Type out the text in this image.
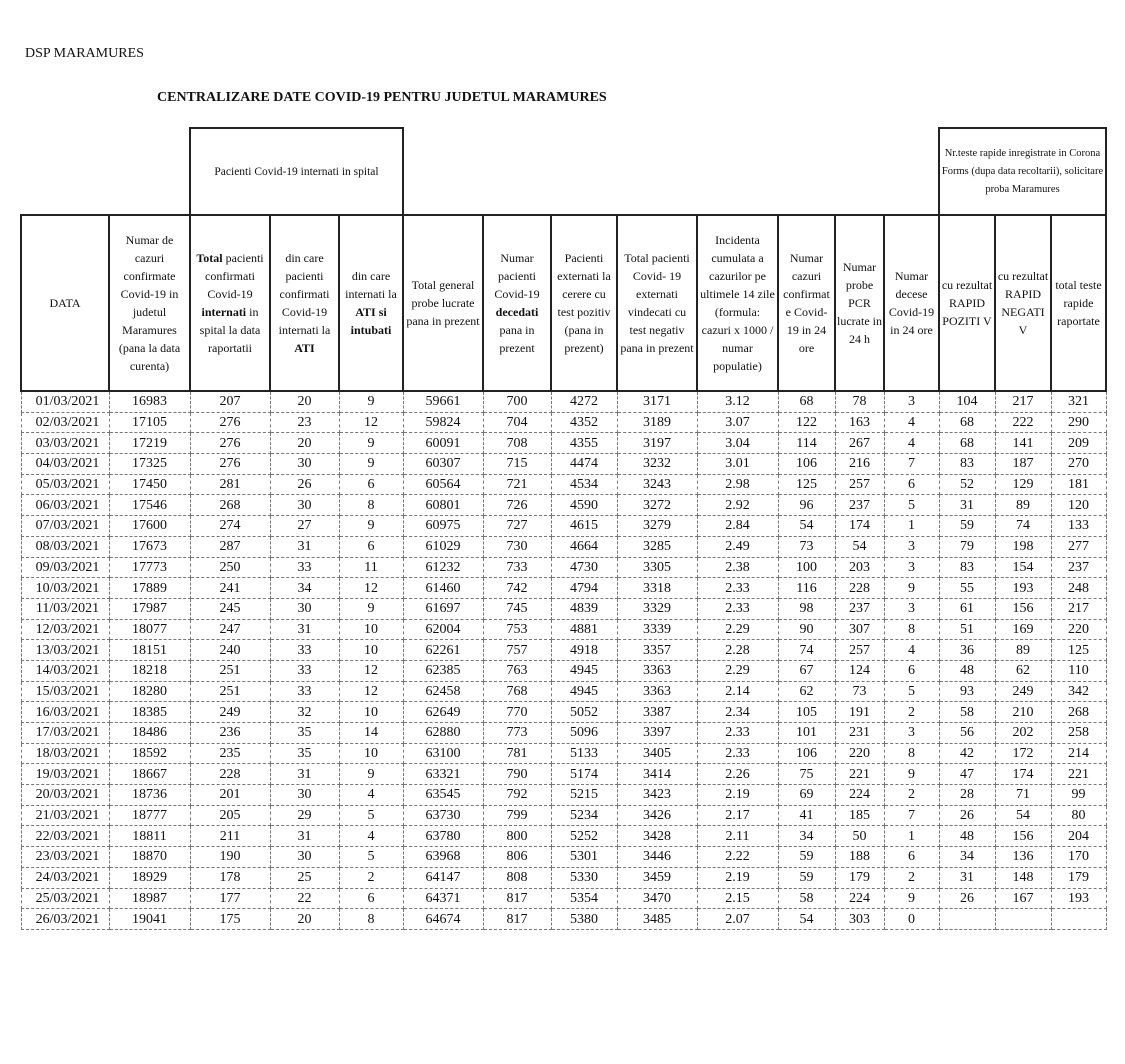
DSP MARAMURES
CENTRALIZARE DATE COVID-19 PENTRU JUDETUL MARAMURES
		Pacienti Covid-19 internati in spital											Nr.teste rapide inregistrate in Corona Forms (dupa data recoltarii), solicitare proba Maramures		
DATA	Numar de cazuri confirmate Covid-19 in judetul Maramures (pana la data curenta)	Total pacienti confirmati Covid-19 internati in spital la data raportatii	din care pacienti confirmati Covid-19 internati la ATI	din care internati la ATI si intubati	Total general probe lucrate pana in prezent	Numar pacienti Covid-19 decedati pana in prezent	Pacienti externati la cerere cu test pozitiv (pana in prezent)	Total pacienti Covid- 19 externati vindecati cu test negativ pana in prezent	Incidenta cumulata a cazurilor pe ultimele 14 zile (formula: cazuri x 1000 / numar populatie)	Numar cazuri confirmat e Covid-19 in 24 ore	Numar probe PCR lucrate in 24 h	Numar decese Covid-19 in 24 ore	cu rezultat RAPID POZITI V	cu rezultat RAPID NEGATI V	total teste rapide raportate
01/03/2021	16983	207	20	9	59661	700	4272	3171	3.12	68	78	3	104	217	321
02/03/2021	17105	276	23	12	59824	704	4352	3189	3.07	122	163	4	68	222	290
03/03/2021	17219	276	20	9	60091	708	4355	3197	3.04	114	267	4	68	141	209
04/03/2021	17325	276	30	9	60307	715	4474	3232	3.01	106	216	7	83	187	270
05/03/2021	17450	281	26	6	60564	721	4534	3243	2.98	125	257	6	52	129	181
06/03/2021	17546	268	30	8	60801	726	4590	3272	2.92	96	237	5	31	89	120
07/03/2021	17600	274	27	9	60975	727	4615	3279	2.84	54	174	1	59	74	133
08/03/2021	17673	287	31	6	61029	730	4664	3285	2.49	73	54	3	79	198	277
09/03/2021	17773	250	33	11	61232	733	4730	3305	2.38	100	203	3	83	154	237
10/03/2021	17889	241	34	12	61460	742	4794	3318	2.33	116	228	9	55	193	248
11/03/2021	17987	245	30	9	61697	745	4839	3329	2.33	98	237	3	61	156	217
12/03/2021	18077	247	31	10	62004	753	4881	3339	2.29	90	307	8	51	169	220
13/03/2021	18151	240	33	10	62261	757	4918	3357	2.28	74	257	4	36	89	125
14/03/2021	18218	251	33	12	62385	763	4945	3363	2.29	67	124	6	48	62	110
15/03/2021	18280	251	33	12	62458	768	4945	3363	2.14	62	73	5	93	249	342
16/03/2021	18385	249	32	10	62649	770	5052	3387	2.34	105	191	2	58	210	268
17/03/2021	18486	236	35	14	62880	773	5096	3397	2.33	101	231	3	56	202	258
18/03/2021	18592	235	35	10	63100	781	5133	3405	2.33	106	220	8	42	172	214
19/03/2021	18667	228	31	9	63321	790	5174	3414	2.26	75	221	9	47	174	221
20/03/2021	18736	201	30	4	63545	792	5215	3423	2.19	69	224	2	28	71	99
21/03/2021	18777	205	29	5	63730	799	5234	3426	2.17	41	185	7	26	54	80
22/03/2021	18811	211	31	4	63780	800	5252	3428	2.11	34	50	1	48	156	204
23/03/2021	18870	190	30	5	63968	806	5301	3446	2.22	59	188	6	34	136	170
24/03/2021	18929	178	25	2	64147	808	5330	3459	2.19	59	179	2	31	148	179
25/03/2021	18987	177	22	6	64371	817	5354	3470	2.15	58	224	9	26	167	193
26/03/2021	19041	175	20	8	64674	817	5380	3485	2.07	54	303	0			
